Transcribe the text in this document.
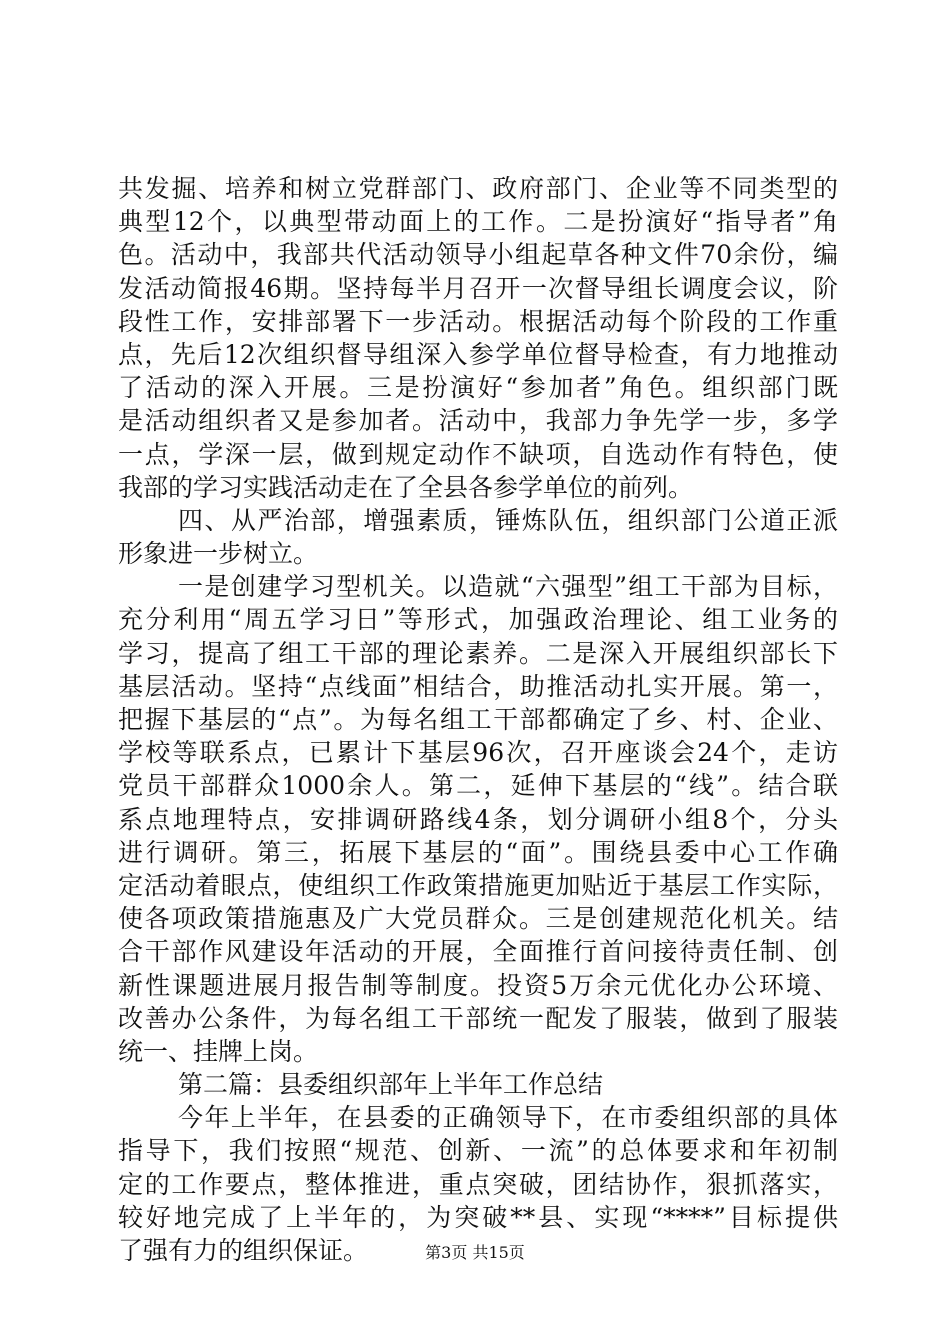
共发掘、培养和树立党群部门、政府部门、企业等不同类型的
典型12个，以典型带动面上的工作。二是扮演好“指导者”角
色。活动中，我部共代活动领导小组起草各种文件70余份，编
发活动简报46期。坚持每半月召开一次督导组长调度会议，阶
段性工作，安排部署下一步活动。根据活动每个阶段的工作重
点，先后12次组织督导组深入参学单位督导检查，有力地推动
了活动的深入开展。三是扮演好“参加者”角色。组织部门既
是活动组织者又是参加者。活动中，我部力争先学一步，多学
一点，学深一层，做到规定动作不缺项，自选动作有特色，使
我部的学习实践活动走在了全县各参学单位的前列。
四、从严治部，增强素质，锤炼队伍，组织部门公道正派
形象进一步树立。
一是创建学习型机关。以造就“六强型”组工干部为目标，
充分利用“周五学习日”等形式，加强政治理论、组工业务的
学习，提高了组工干部的理论素养。二是深入开展组织部长下
基层活动。坚持“点线面”相结合，助推活动扎实开展。第一，
把握下基层的“点”。为每名组工干部都确定了乡、村、企业、
学校等联系点，已累计下基层96次，召开座谈会24个，走访
党员干部群众1000余人。第二，延伸下基层的“线”。结合联
系点地理特点，安排调研路线4条，划分调研小组8个，分头
进行调研。第三，拓展下基层的“面”。围绕县委中心工作确
定活动着眼点，使组织工作政策措施更加贴近于基层工作实际，
使各项政策措施惠及广大党员群众。三是创建规范化机关。结
合干部作风建设年活动的开展，全面推行首问接待责任制、创
新性课题进展月报告制等制度。投资5万余元优化办公环境、
改善办公条件，为每名组工干部统一配发了服装，做到了服装
统一、挂牌上岗。
第二篇：县委组织部年上半年工作总结
今年上半年，在县委的正确领导下，在市委组织部的具体
指导下，我们按照“规范、创新、一流”的总体要求和年初制
定的工作要点，整体推进，重点突破，团结协作，狠抓落实，
较好地完成了上半年的，为突破**县、实现“****”目标提供
了强有力的组织保证。	第3页 共15页
